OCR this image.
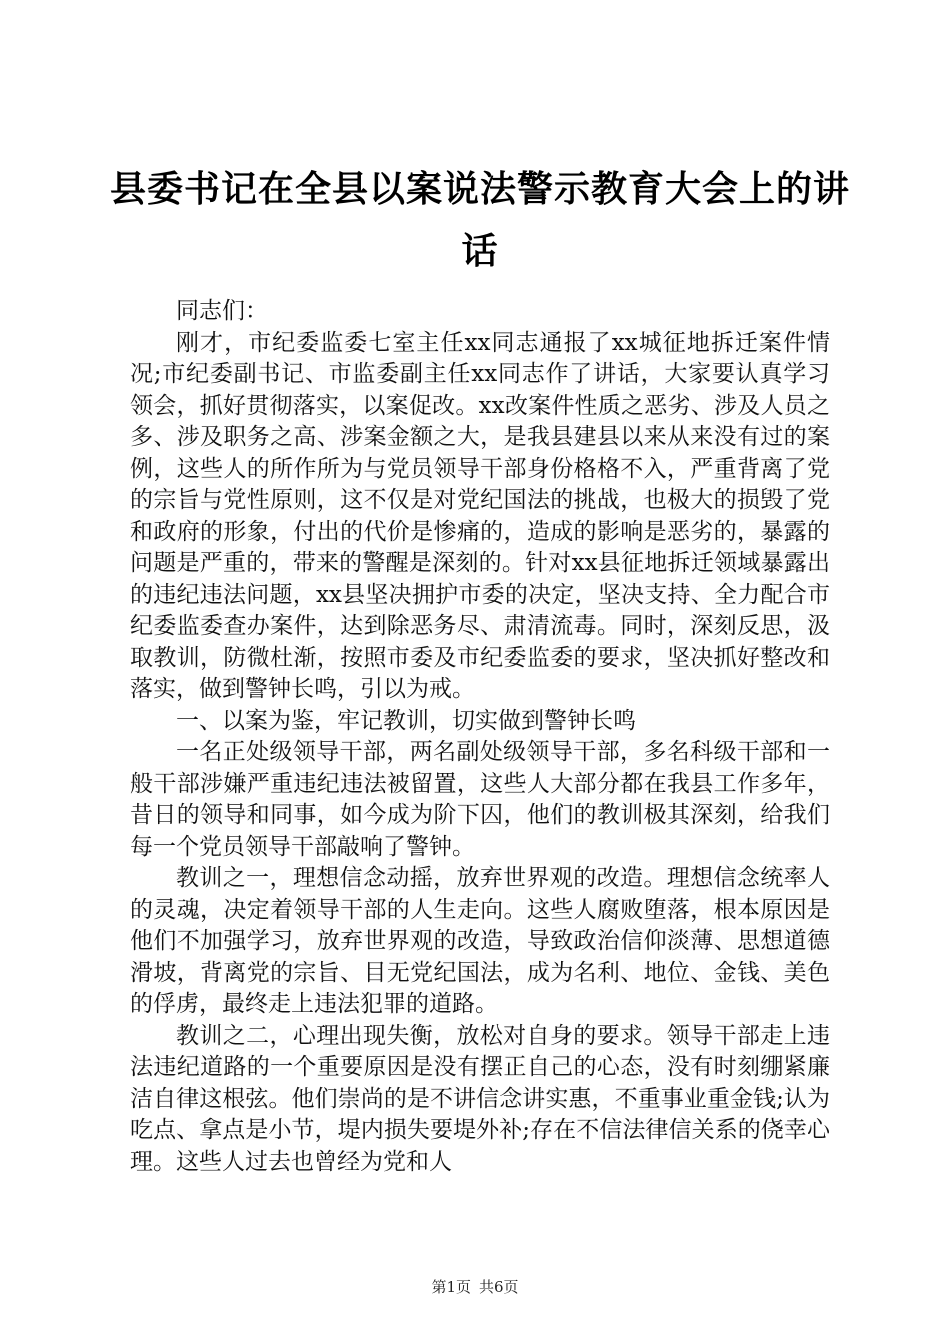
县委书记在全县以案说法警示教育大会上的讲话

同志们：

刚才，市纪委监委七室主任xx同志通报了xx城征地拆迁案件情况;市纪委副书记、市监委副主任xx同志作了讲话，大家要认真学习领会，抓好贯彻落实，以案促改。xx改案件性质之恶劣、涉及人员之多、涉及职务之高、涉案金额之大，是我县建县以来从来没有过的案例，这些人的所作所为与党员领导干部身份格格不入，严重背离了党的宗旨与党性原则，这不仅是对党纪国法的挑战，也极大的损毁了党和政府的形象，付出的代价是惨痛的，造成的影响是恶劣的，暴露的问题是严重的，带来的警醒是深刻的。针对xx县征地拆迁领域暴露出的违纪违法问题，xx县坚决拥护市委的决定，坚决支持、全力配合市纪委监委查办案件，达到除恶务尽、肃清流毒。同时，深刻反思，汲取教训，防微杜渐，按照市委及市纪委监委的要求，坚决抓好整改和落实，做到警钟长鸣，引以为戒。

一、以案为鉴，牢记教训，切实做到警钟长鸣

一名正处级领导干部，两名副处级领导干部，多名科级干部和一般干部涉嫌严重违纪违法被留置，这些人大部分都在我县工作多年，昔日的领导和同事，如今成为阶下囚，他们的教训极其深刻，给我们每一个党员领导干部敲响了警钟。

教训之一，理想信念动摇，放弃世界观的改造。理想信念统率人的灵魂，决定着领导干部的人生走向。这些人腐败堕落，根本原因是他们不加强学习，放弃世界观的改造，导致政治信仰淡薄、思想道德滑坡，背离党的宗旨、目无党纪国法，成为名利、地位、金钱、美色的俘虏，最终走上违法犯罪的道路。

教训之二，心理出现失衡，放松对自身的要求。领导干部走上违法违纪道路的一个重要原因是没有摆正自己的心态，没有时刻绷紧廉洁自律这根弦。他们崇尚的是不讲信念讲实惠，不重事业重金钱;认为吃点、拿点是小节，堤内损失要堤外补;存在不信法律信关系的侥幸心理。这些人过去也曾经为党和人

第1页 共6页
